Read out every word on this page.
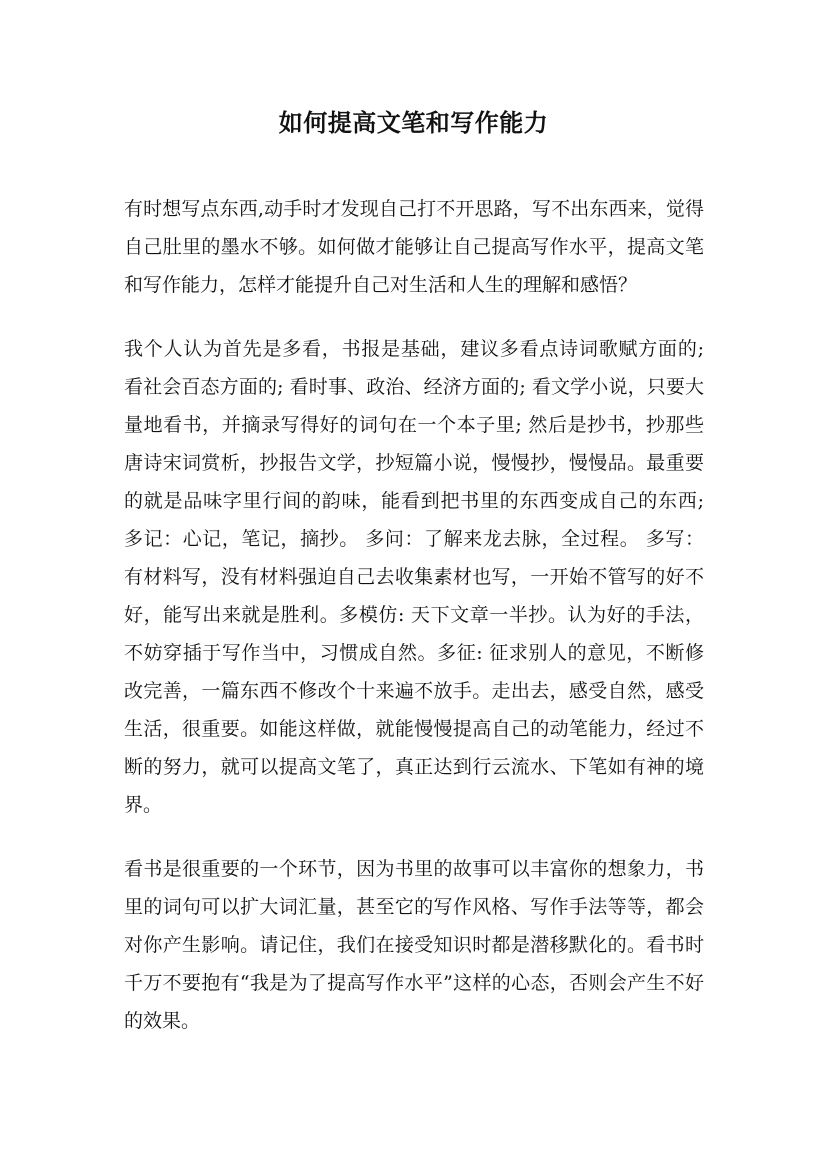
如何提高文笔和写作能力

有时想写点东西,动手时才发现自己打不开思路，写不出东西来，觉得自己肚里的墨水不够。如何做才能够让自己提高写作水平，提高文笔和写作能力，怎样才能提升自己对生活和人生的理解和感悟？

我个人认为首先是多看，书报是基础，建议多看点诗词歌赋方面的; 看社会百态方面的; 看时事、政治、经济方面的; 看文学小说，只要大量地看书，并摘录写得好的词句在一个本子里; 然后是抄书，抄那些唐诗宋词赏析，抄报告文学，抄短篇小说，慢慢抄，慢慢品。最重要的就是品味字里行间的韵味，能看到把书里的东西变成自己的东西; 多记：心记，笔记，摘抄。 多问：了解来龙去脉，全过程。 多写：有材料写，没有材料强迫自己去收集素材也写，一开始不管写的好不好，能写出来就是胜利。多模仿: 天下文章一半抄。认为好的手法，不妨穿插于写作当中，习惯成自然。多征: 征求别人的意见，不断修改完善，一篇东西不修改个十来遍不放手。走出去，感受自然，感受生活，很重要。如能这样做，就能慢慢提高自己的动笔能力，经过不断的努力，就可以提高文笔了，真正达到行云流水、下笔如有神的境界。

看书是很重要的一个环节，因为书里的故事可以丰富你的想象力，书里的词句可以扩大词汇量，甚至它的写作风格、写作手法等等，都会对你产生影响。请记住，我们在接受知识时都是潜移默化的。看书时千万不要抱有“我是为了提高写作水平”这样的心态，否则会产生不好的效果。
